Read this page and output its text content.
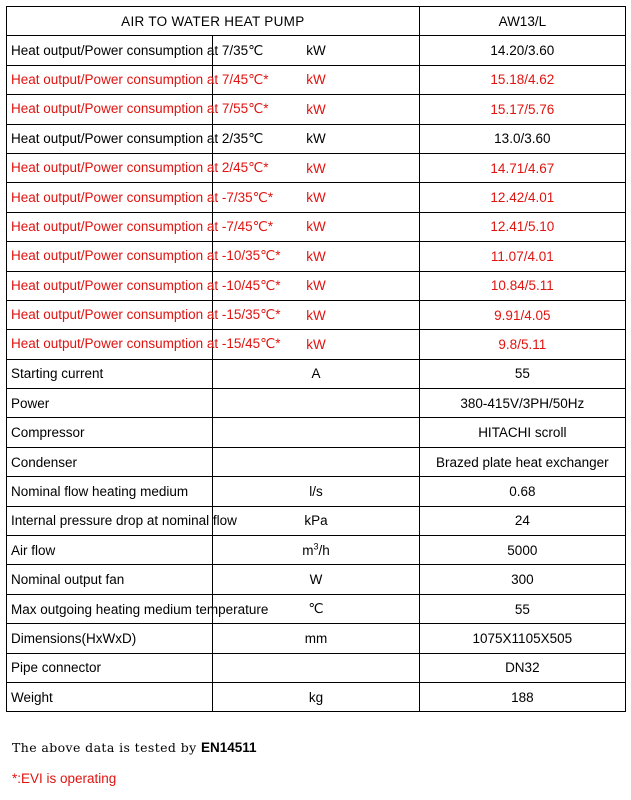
AIR TO WATER HEAT PUMP		AW13/L
Heat output/Power consumption at 7/35℃	kW	14.20/3.60
Heat output/Power consumption at 7/45℃*	kW	15.18/4.62
Heat output/Power consumption at 7/55℃*	kW	15.17/5.76
Heat output/Power consumption at 2/35℃	kW	13.0/3.60
Heat output/Power consumption at 2/45℃*	kW	14.71/4.67
Heat output/Power consumption at -7/35℃*	kW	12.42/4.01
Heat output/Power consumption at -7/45℃*	kW	12.41/5.10
Heat output/Power consumption at -10/35℃*	kW	11.07/4.01
Heat output/Power consumption at -10/45℃*	kW	10.84/5.11
Heat output/Power consumption at -15/35℃*	kW	9.91/4.05
Heat output/Power consumption at -15/45℃*	kW	9.8/5.11
Starting current	A	55
Power		380-415V/3PH/50Hz
Compressor		HITACHI scroll
Condenser		Brazed plate heat exchanger
Nominal flow heating medium	l/s	0.68
Internal pressure drop at nominal flow	kPa	24
Air flow	$m^3/h$	5000
Nominal output fan	W	300
Max outgoing heating medium temperature	℃	55
Dimensions(HxWxD)	mm	1075X1105X505
Pipe connector		DN32
Weight	kg	188
The above data is tested by EN14511
*:EVI is operating
